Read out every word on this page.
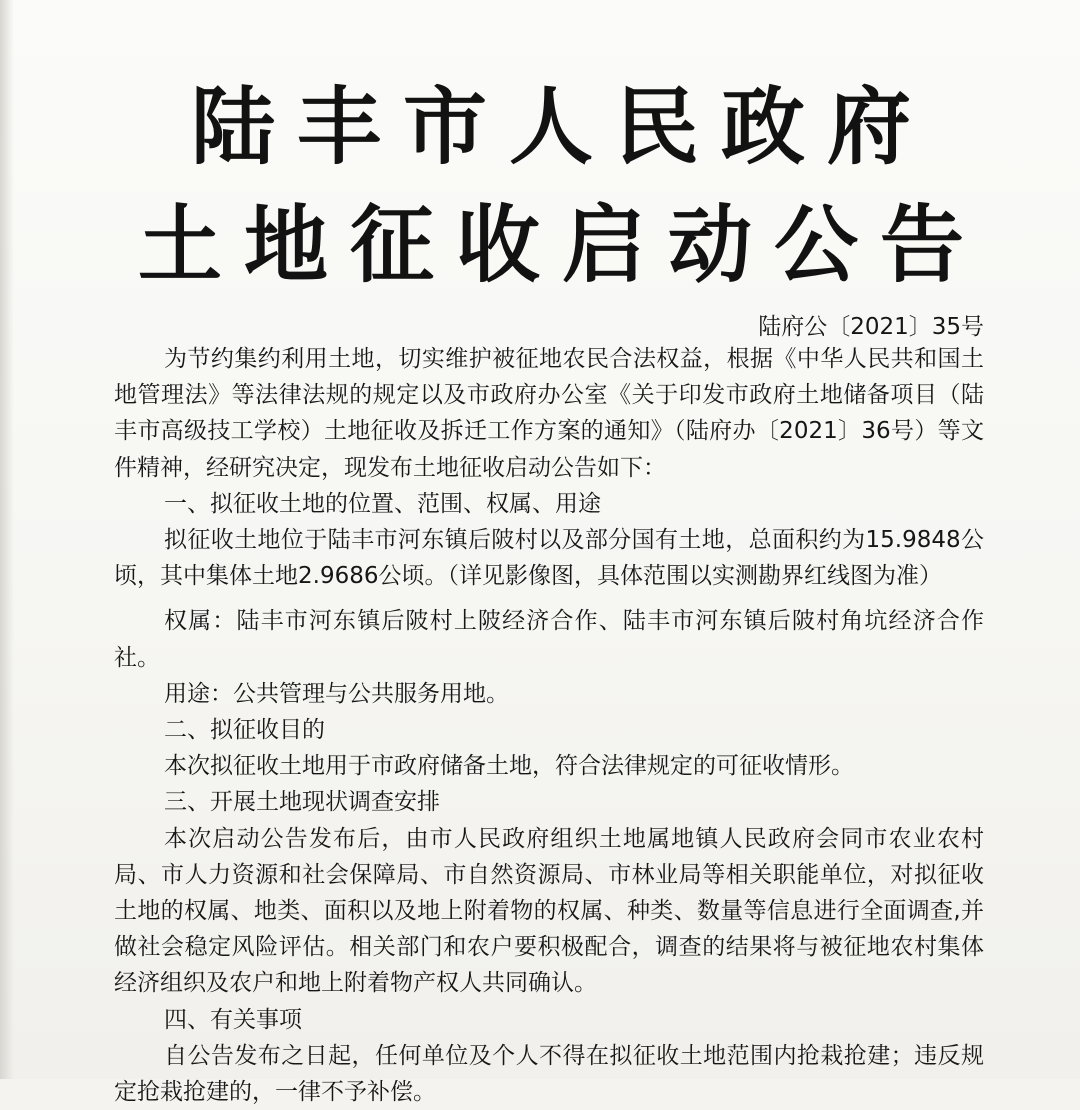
陆丰市人民政府
土地征收启动公告
陆府公〔2021〕35号

为节约集约利用土地，切实维护被征地农民合法权益，根据《中华人民共和国土地管理法》等法律法规的规定以及市政府办公室《关于印发市政府土地储备项目（陆丰市高级技工学校）土地征收及拆迁工作方案的通知》（陆府办〔2021〕36号）等文件精神，经研究决定，现发布土地征收启动公告如下：

一、拟征收土地的位置、范围、权属、用途

拟征收土地位于陆丰市河东镇后陂村以及部分国有土地，总面积约为15.9848公顷，其中集体土地2.9686公顷。（详见影像图，具体范围以实测勘界红线图为准）

权属：陆丰市河东镇后陂村上陂经济合作、陆丰市河东镇后陂村角坑经济合作社。

用途：公共管理与公共服务用地。

二、拟征收目的

本次拟征收土地用于市政府储备土地，符合法律规定的可征收情形。

三、开展土地现状调查安排

本次启动公告发布后，由市人民政府组织土地属地镇人民政府会同市农业农村局、市人力资源和社会保障局、市自然资源局、市林业局等相关职能单位，对拟征收土地的权属、地类、面积以及地上附着物的权属、种类、数量等信息进行全面调查,并做社会稳定风险评估。相关部门和农户要积极配合，调查的结果将与被征地农村集体经济组织及农户和地上附着物产权人共同确认。

四、有关事项

自公告发布之日起，任何单位及个人不得在拟征收土地范围内抢栽抢建；违反规定抢栽抢建的，一律不予补偿。
